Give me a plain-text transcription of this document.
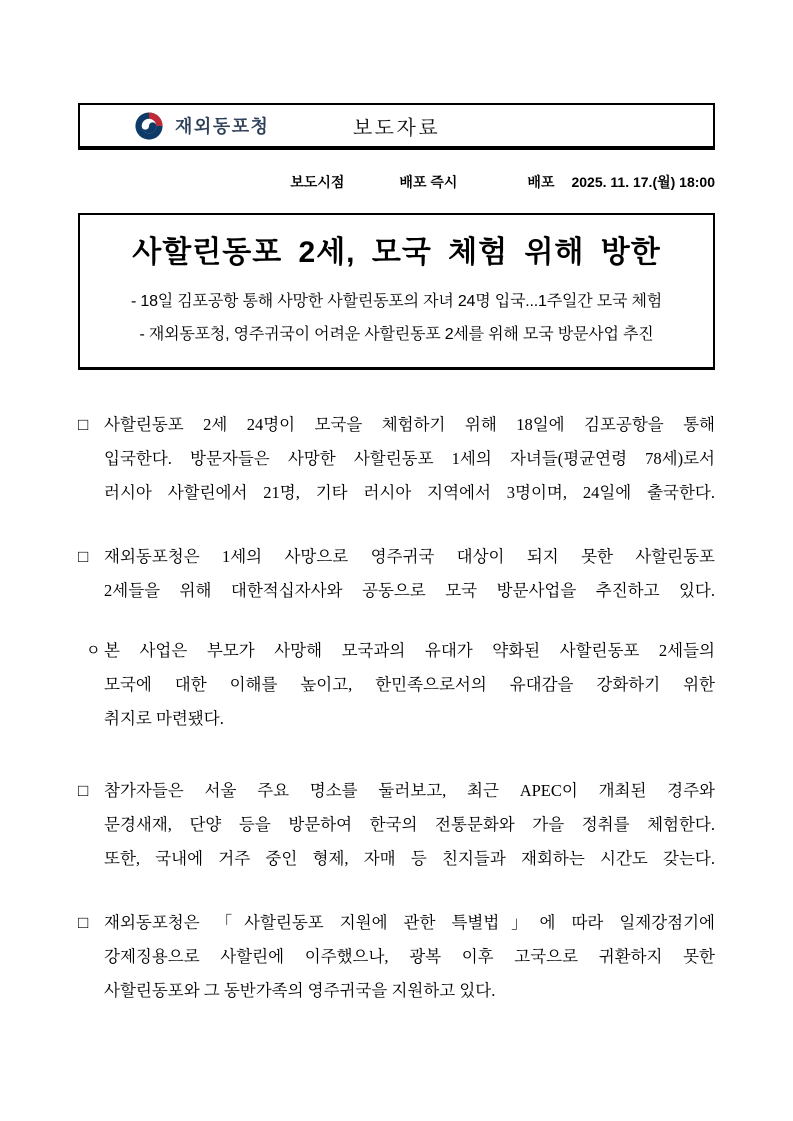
재외동포청	보도자료
보도시점	배포 즉시	배포 2025. 11. 17.(월) 18:00
사할린동포 2세, 모국 체험 위해 방한
- 18일 김포공항 통해 사망한 사할린동포의 자녀 24명 입국...1주일간 모국 체험
- 재외동포청, 영주귀국이 어려운 사할린동포 2세를 위해 모국 방문사업 추진
□ 사할린동포 2세 24명이 모국을 체험하기 위해 18일에 김포공항을 통해
입국한다. 방문자들은 사망한 사할린동포 1세의 자녀들(평균연령 78세)로서
러시아 사할린에서 21명, 기타 러시아 지역에서 3명이며, 24일에 출국한다.
□ 재외동포청은 1세의 사망으로 영주귀국 대상이 되지 못한 사할린동포
2세들을 위해 대한적십자사와 공동으로 모국 방문사업을 추진하고 있다.
ㅇ 본 사업은 부모가 사망해 모국과의 유대가 약화된 사할린동포 2세들의
모국에 대한 이해를 높이고, 한민족으로서의 유대감을 강화하기 위한
취지로 마련됐다.
□ 참가자들은 서울 주요 명소를 둘러보고, 최근 APEC이 개최된 경주와
문경새재, 단양 등을 방문하여 한국의 전통문화와 가을 정취를 체험한다.
또한, 국내에 거주 중인 형제, 자매 등 친지들과 재회하는 시간도 갖는다.
□ 재외동포청은 「사할린동포 지원에 관한 특별법」에 따라 일제강점기에
강제징용으로 사할린에 이주했으나, 광복 이후 고국으로 귀환하지 못한
사할린동포와 그 동반가족의 영주귀국을 지원하고 있다.
